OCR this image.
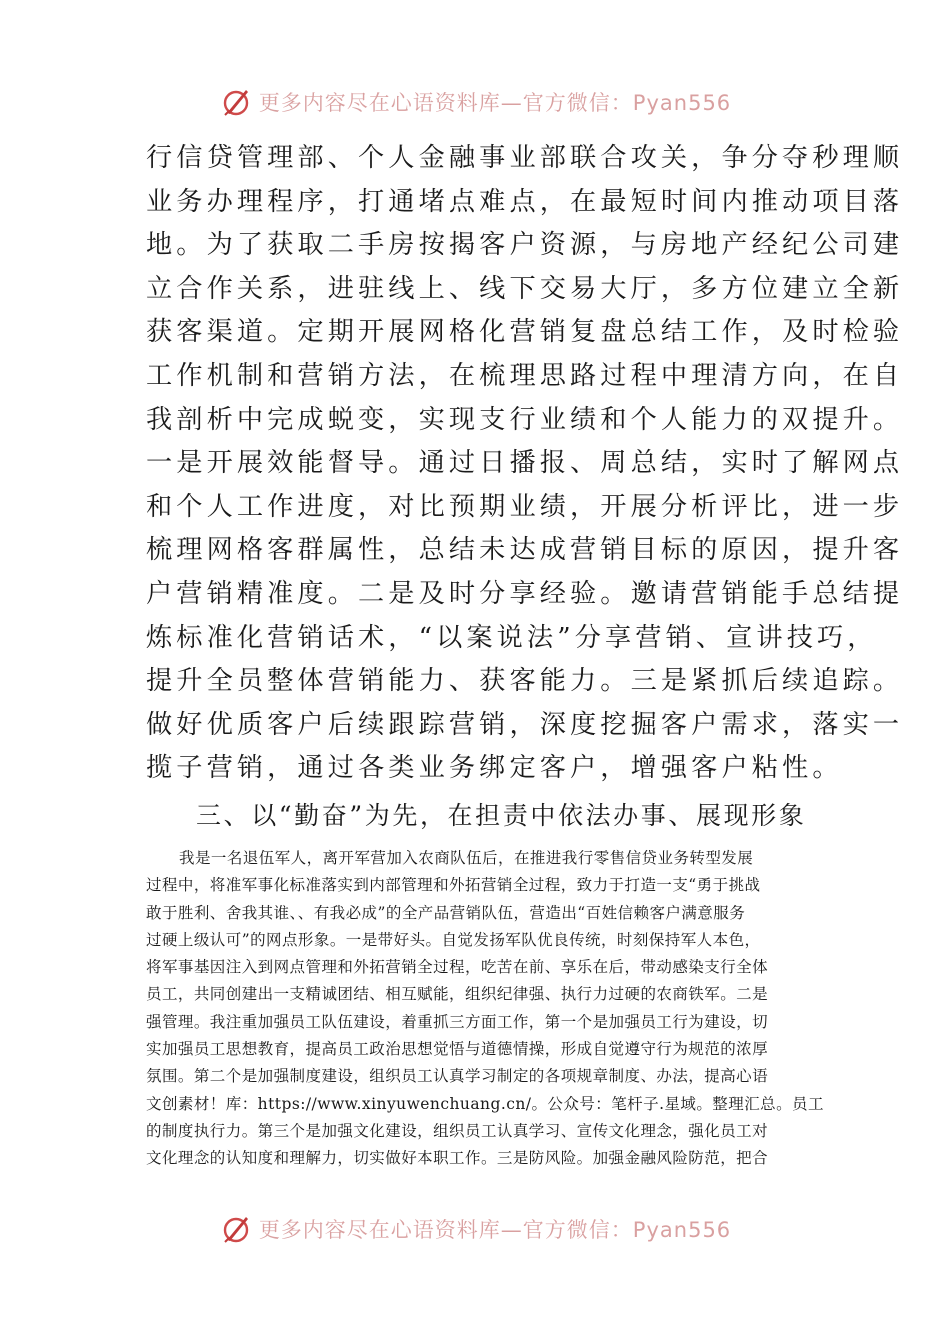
更多内容尽在心语资料库—官方微信：Pyan556
行信贷管理部、个人金融事业部联合攻关，争分夺秒理顺
业务办理程序，打通堵点难点，在最短时间内推动项目落
地。为了获取二手房按揭客户资源，与房地产经纪公司建
立合作关系，进驻线上、线下交易大厅，多方位建立全新
获客渠道。定期开展网格化营销复盘总结工作，及时检验
工作机制和营销方法，在梳理思路过程中理清方向，在自
我剖析中完成蜕变，实现支行业绩和个人能力的双提升。
一是开展效能督导。通过日播报、周总结，实时了解网点
和个人工作进度，对比预期业绩，开展分析评比，进一步
梳理网格客群属性，总结未达成营销目标的原因，提升客
户营销精准度。二是及时分享经验。邀请营销能手总结提
炼标准化营销话术，“以案说法”分享营销、宣讲技巧，
提升全员整体营销能力、获客能力。三是紧抓后续追踪。
做好优质客户后续跟踪营销，深度挖掘客户需求，落实一
揽子营销，通过各类业务绑定客户，增强客户粘性。
三、以“勤奋”为先，在担责中依法办事、展现形象
我是一名退伍军人，离开军营加入农商队伍后，在推进我行零售信贷业务转型发展
过程中，将准军事化标准落实到内部管理和外拓营销全过程，致力于打造一支“勇于挑战
敢于胜利、舍我其谁、、有我必成”的全产品营销队伍，营造出“百姓信赖客户满意服务
过硬上级认可”的网点形象。一是带好头。自觉发扬军队优良传统，时刻保持军人本色，
将军事基因注入到网点管理和外拓营销全过程，吃苦在前、享乐在后，带动感染支行全体
员工，共同创建出一支精诚团结、相互赋能，组织纪律强、执行力过硬的农商铁军。二是
强管理。我注重加强员工队伍建设，着重抓三方面工作，第一个是加强员工行为建设，切
实加强员工思想教育，提高员工政治思想觉悟与道德情操，形成自觉遵守行为规范的浓厚
氛围。第二个是加强制度建设，组织员工认真学习制定的各项规章制度、办法，提高心语
文创素材！库：https://www.xinyuwenchuang.cn/。公众号：笔杆子.星域。整理汇总。员工
的制度执行力。第三个是加强文化建设，组织员工认真学习、宣传文化理念，强化员工对
文化理念的认知度和理解力，切实做好本职工作。三是防风险。加强金融风险防范，把合
更多内容尽在心语资料库—官方微信：Pyan556
